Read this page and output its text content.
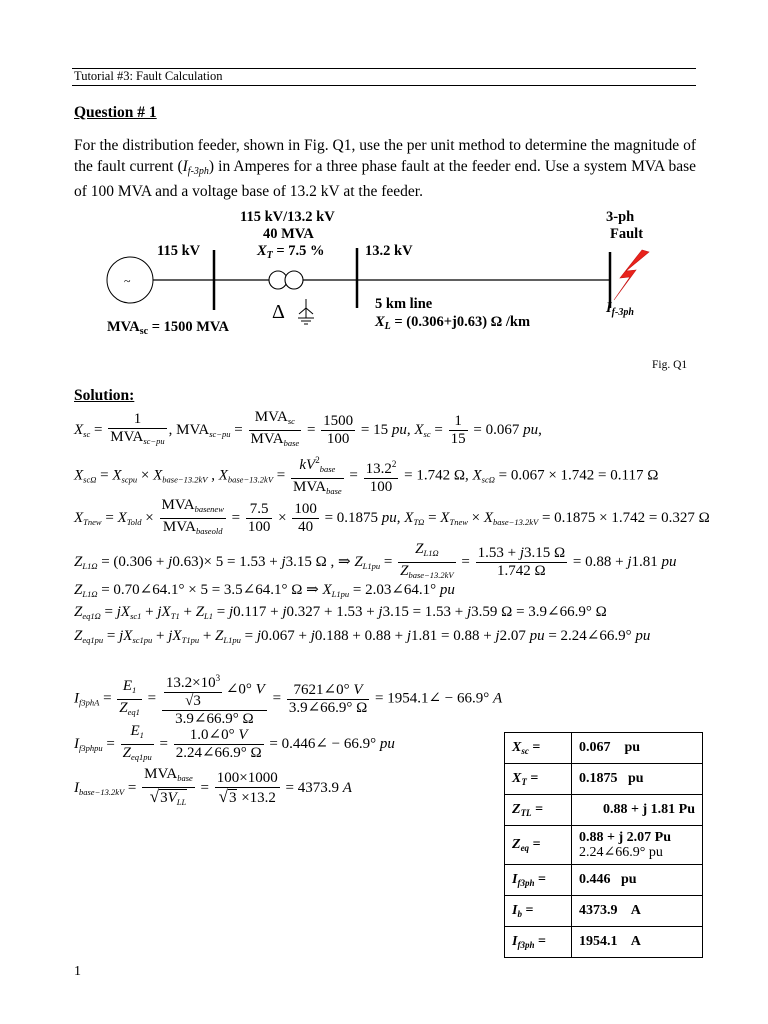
Tutorial #3: Fault Calculation
Question # 1
For the distribution feeder, shown in Fig. Q1, use the per unit method to determine the magnitude of the fault current $(I_{f-3ph})$ in Amperes for a three phase fault at the feeder end. Use a system MVA base of 100 MVA and a voltage base of 13.2 kV at the feeder.
~
Δ
115 kV/13.2 kV
40 MVA
$X_T = 7.5$ %
115 kV	13.2 kV
3-ph
Fault
5 km line
$X_L = (0.306+j0.63)$ Ω /km
$MVA_{sc} = 1500$ MVA
$I_{f-3ph}$
Fig. Q1
Solution:
$X_{sc}$ =
1
$MVA_{sc-pu}$
, $MVA_{sc-pu}$ =
$MVA_{sc}$
$MVA_{base}$
= $\frac{1500}{100} = 15$ pu, $X_{sc} = \frac{1}{15} = 0.067$ pu,
$X_{sc\Omega} = X_{scpu} \times X_{base-13.2kV}$ , $X_{base-13.2kV}$ =
$kV^2_{base}$
$MVA_{base}$
= $\frac{13.2^2}{100} = 1.742$ Ω, $X_{sc\Omega} = 0.067 \times 1.742 = 0.117$ Ω
$X_{Tnew} = X_{Told}$ ×
$MVA_{basenew}$
$MVA_{baseold}$
= $\frac{7.5}{100} \times \frac{100}{40} = 0.1875$ pu, $X_{T\Omega} = X_{Tnew} \times X_{base-13.2kV} = 0.1875 \times 1.742 = 0.327$ Ω
$Z_{L1\Omega} = (0.306 + j0.63)\times 5 = 1.53 + j3.15$ Ω , ⇒ $Z_{L1pu}$ =
$Z_{L1\Omega}$
$Z_{base-13.2kV}$
= $\frac{1.53 + j3.15 \Omega}{1.742 \Omega} = 0.88 + j1.81$ pu
$Z_{L1\Omega}$ = 0.70∠64.1° × 5 = 3.5∠64.1° Ω ⇒ $X_{L1pu}$ = 2.03∠64.1° pu
$Z_{eq1\Omega} = jX_{sc1} + jX_{T1} + Z_{L1} = j0.117 + j0.327 + 1.53 + j3.15 = 1.53 + j3.59$ Ω = 3.9∠66.9° Ω
$Z_{eq1pu} = jX_{sc1pu} + jX_{T1pu} + Z_{L1pu} = j0.067 + j0.188 + 0.88 + j1.81 = 0.88 + j2.07$ pu = 2.24∠66.9° pu
$I_{f3phA}$ =
$E_1$
$Z_{eq1}$
= $\frac{\frac{13.2\times 10^3}{√3} \angle 0^\circ V}{3.9\angle 66.9^\circ \Omega} = \frac{7621\angle 0^\circ V}{3.9\angle 66.9^\circ \Omega}$ = 1954.1∠ − 66.9° A
$I_{f3phpu}$ =
$E_1$
$Z_{eq1pu}$
= $\frac{1.0\angle 0^\circ V}{2.24\angle 66.9^\circ \Omega}$ = 0.446∠ − 66.9° pu
$I_{base-13.2kV}$ =
$MVA_{base}$
$√3V_{LL}$
= $\frac{100\times 1000}{√3 \times 13.2} = 4373.9$ A
$X_{sc}$ =	0.067    pu
$X_T$ =	0.1875   pu
$Z_{TL}$ =	0.88 + j 1.81 Pu
$Z_{eq}$ =	0.88 + j 2.07 Pu
2.24∠66.9° pu
$I_{f3ph}$ =	0.446   pu
$I_b$ =	4373.9    A
$I_{f3ph}$ =	1954.1    A
1
